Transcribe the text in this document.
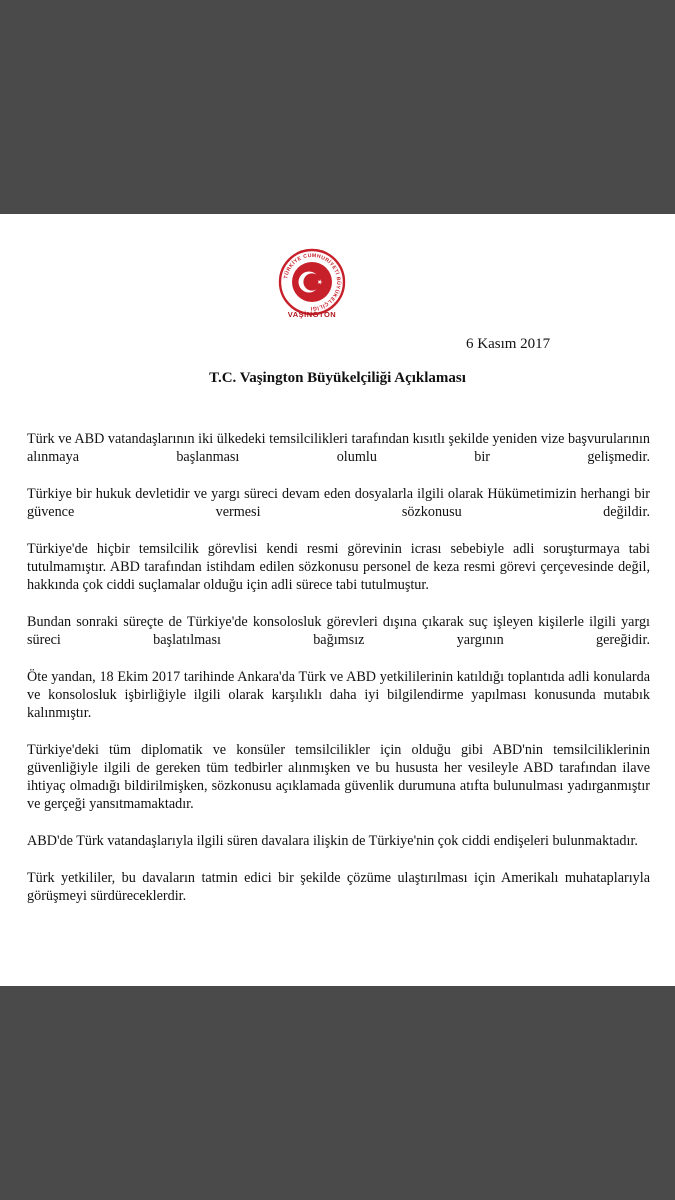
TÜRKİYE CUMHURİYETİ BÜYÜKELÇİLİĞİ
VAŞİNGTON
6 Kasım 2017
T.C. Vaşington Büyükelçiliği Açıklaması

Türk ve ABD vatandaşlarının iki ülkedeki temsilcilikleri tarafından kısıtlı şekilde yeniden vize başvurularının alınmaya başlanması olumlu bir gelişmedir.

Türkiye bir hukuk devletidir ve yargı süreci devam eden dosyalarla ilgili olarak Hükümetimizin herhangi bir güvence vermesi sözkonusu değildir.

Türkiye'de hiçbir temsilcilik görevlisi kendi resmi görevinin icrası sebebiyle adli soruşturmaya tabi tutulmamıştır. ABD tarafından istihdam edilen sözkonusu personel de keza resmi görevi çerçevesinde değil, hakkında çok ciddi suçlamalar olduğu için adli sürece tabi tutulmuştur.

Bundan sonraki süreçte de Türkiye'de konsolosluk görevleri dışına çıkarak suç işleyen kişilerle ilgili yargı süreci başlatılması bağımsız yargının gereğidir.

Öte yandan, 18 Ekim 2017 tarihinde Ankara'da Türk ve ABD yetkililerinin katıldığı toplantıda adli konularda ve konsolosluk işbirliğiyle ilgili olarak karşılıklı daha iyi bilgilendirme yapılması konusunda mutabık kalınmıştır.

Türkiye'deki tüm diplomatik ve konsüler temsilcilikler için olduğu gibi ABD'nin temsilciliklerinin güvenliğiyle ilgili de gereken tüm tedbirler alınmışken ve bu hususta her vesileyle ABD tarafından ilave ihtiyaç olmadığı bildirilmişken, sözkonusu açıklamada güvenlik durumuna atıfta bulunulması yadırganmıştır ve gerçeği yansıtmamaktadır.

ABD'de Türk vatandaşlarıyla ilgili süren davalara ilişkin de Türkiye'nin çok ciddi endişeleri bulunmaktadır.

Türk yetkililer, bu davaların tatmin edici bir şekilde çözüme ulaştırılması için Amerikalı muhataplarıyla görüşmeyi sürdüreceklerdir.
